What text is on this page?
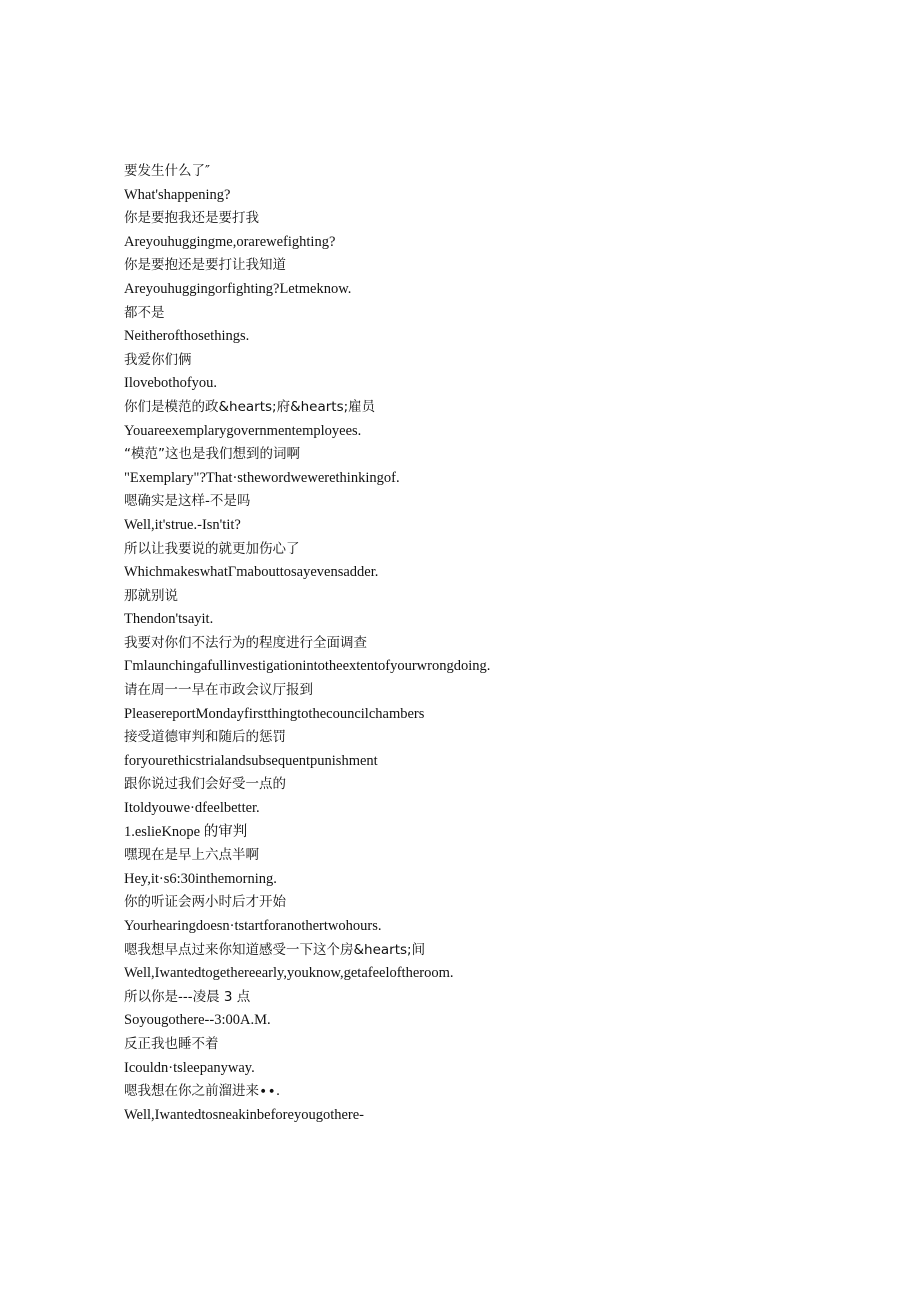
要发生什么了″
What'shappening?
你是要抱我还是要打我
Areyouhuggingme,orarewefighting?
你是要抱还是要打让我知道
Areyouhuggingorfighting?Letmeknow.
都不是
Neitherofthosethings.
我爱你们俩
Ilovebothofyou.
你们是模范的政&hearts;府&hearts;雇员
Youareexemplarygovernmentemployees.
“模范”这也是我们想到的词啊
"Exemplary"?That·sthewordwewerethinkingof.
嗯确实是这样-不是吗
Well,it'strue.-Isn'tit?
所以让我要说的就更加伤心了
WhichmakeswhatΓmabouttosayevensadder.
那就别说
Thendon'tsayit.
我要对你们不法行为的程度进行全面调查
Γmlaunchingafullinvestigationintotheextentofyourwrongdoing.
请在周一一早在市政会议厅报到
PleasereportMondayfirstthingtothecouncilchambers
接受道德审判和随后的惩罚
foryourethicstrialandsubsequentpunishment
跟你说过我们会好受一点的
Itoldyouwe·dfeelbetter.
1.eslieKnope 的审判
嘿现在是早上六点半啊
Hey,it·s6:30inthemorning.
你的听证会两小时后才开始
Yourhearingdoesn·tstartforanothertwohours.
嗯我想早点过来你知道感受一下这个房&hearts;间
Well,Iwantedtogethereearly,youknow,getafeeloftheroom.
所以你是---凌晨 3 点
Soyougothere--3:00A.M.
反正我也睡不着
Icouldn·tsleepanyway.
嗯我想在你之前溜进来∙∙.
Well,Iwantedtosneakinbeforeyougothere-
